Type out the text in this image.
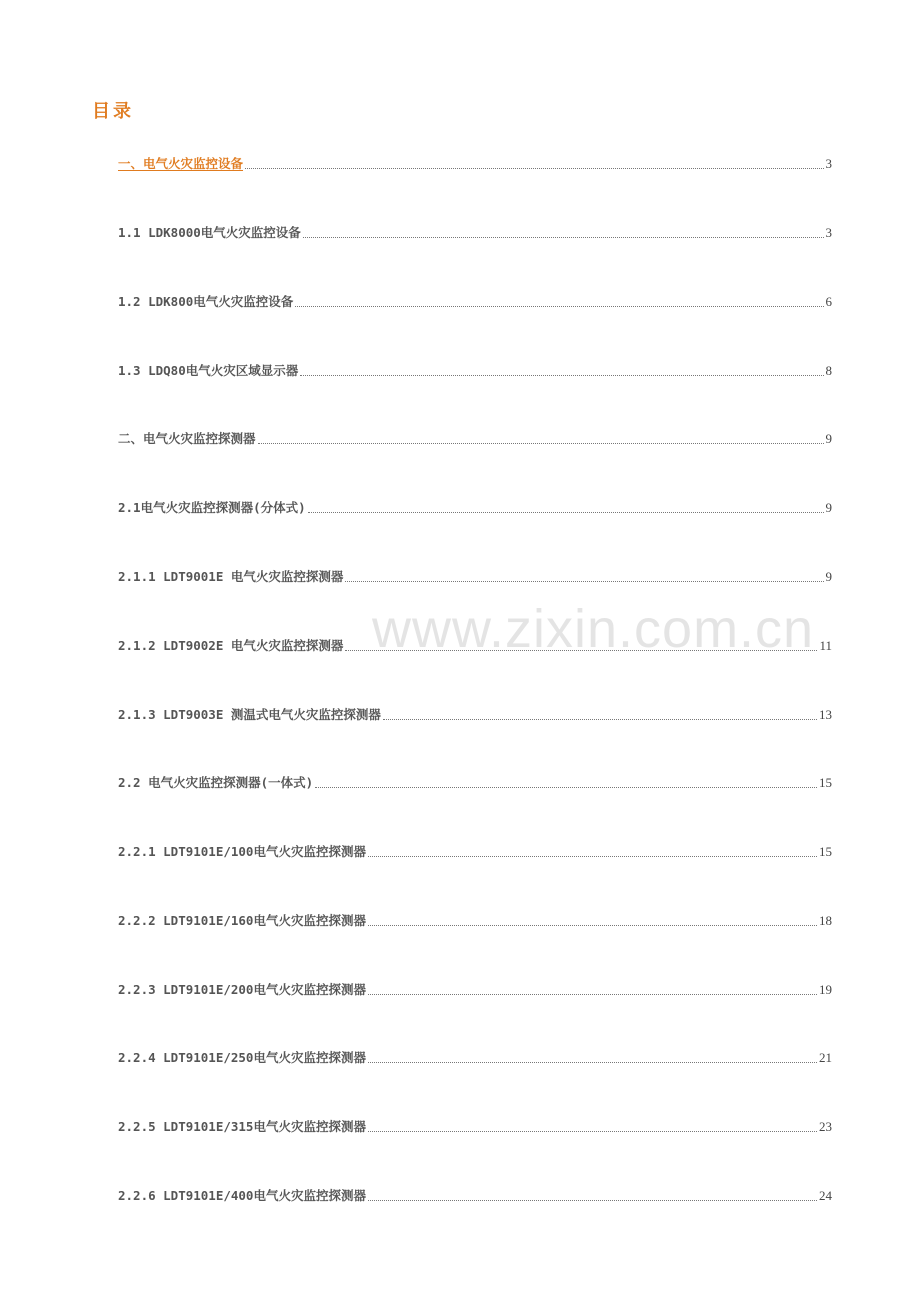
目录
一、电气火灾监控设备	3
1.1 LDK8000电气火灾监控设备	3
1.2 LDK800电气火灾监控设备	6
1.3 LDQ80电气火灾区域显示器	8
二、电气火灾监控探测器	9
2.1电气火灾监控探测器(分体式)	9
2.1.1 LDT9001E 电气火灾监控探测器	9
2.1.2 LDT9002E 电气火灾监控探测器	11
2.1.3 LDT9003E 测温式电气火灾监控探测器	13
2.2 电气火灾监控探测器(一体式)	15
2.2.1 LDT9101E/100电气火灾监控探测器	15
2.2.2 LDT9101E/160电气火灾监控探测器	18
2.2.3 LDT9101E/200电气火灾监控探测器	19
2.2.4 LDT9101E/250电气火灾监控探测器	21
2.2.5 LDT9101E/315电气火灾监控探测器	23
2.2.6 LDT9101E/400电气火灾监控探测器	24
www.zixin.com.cn
